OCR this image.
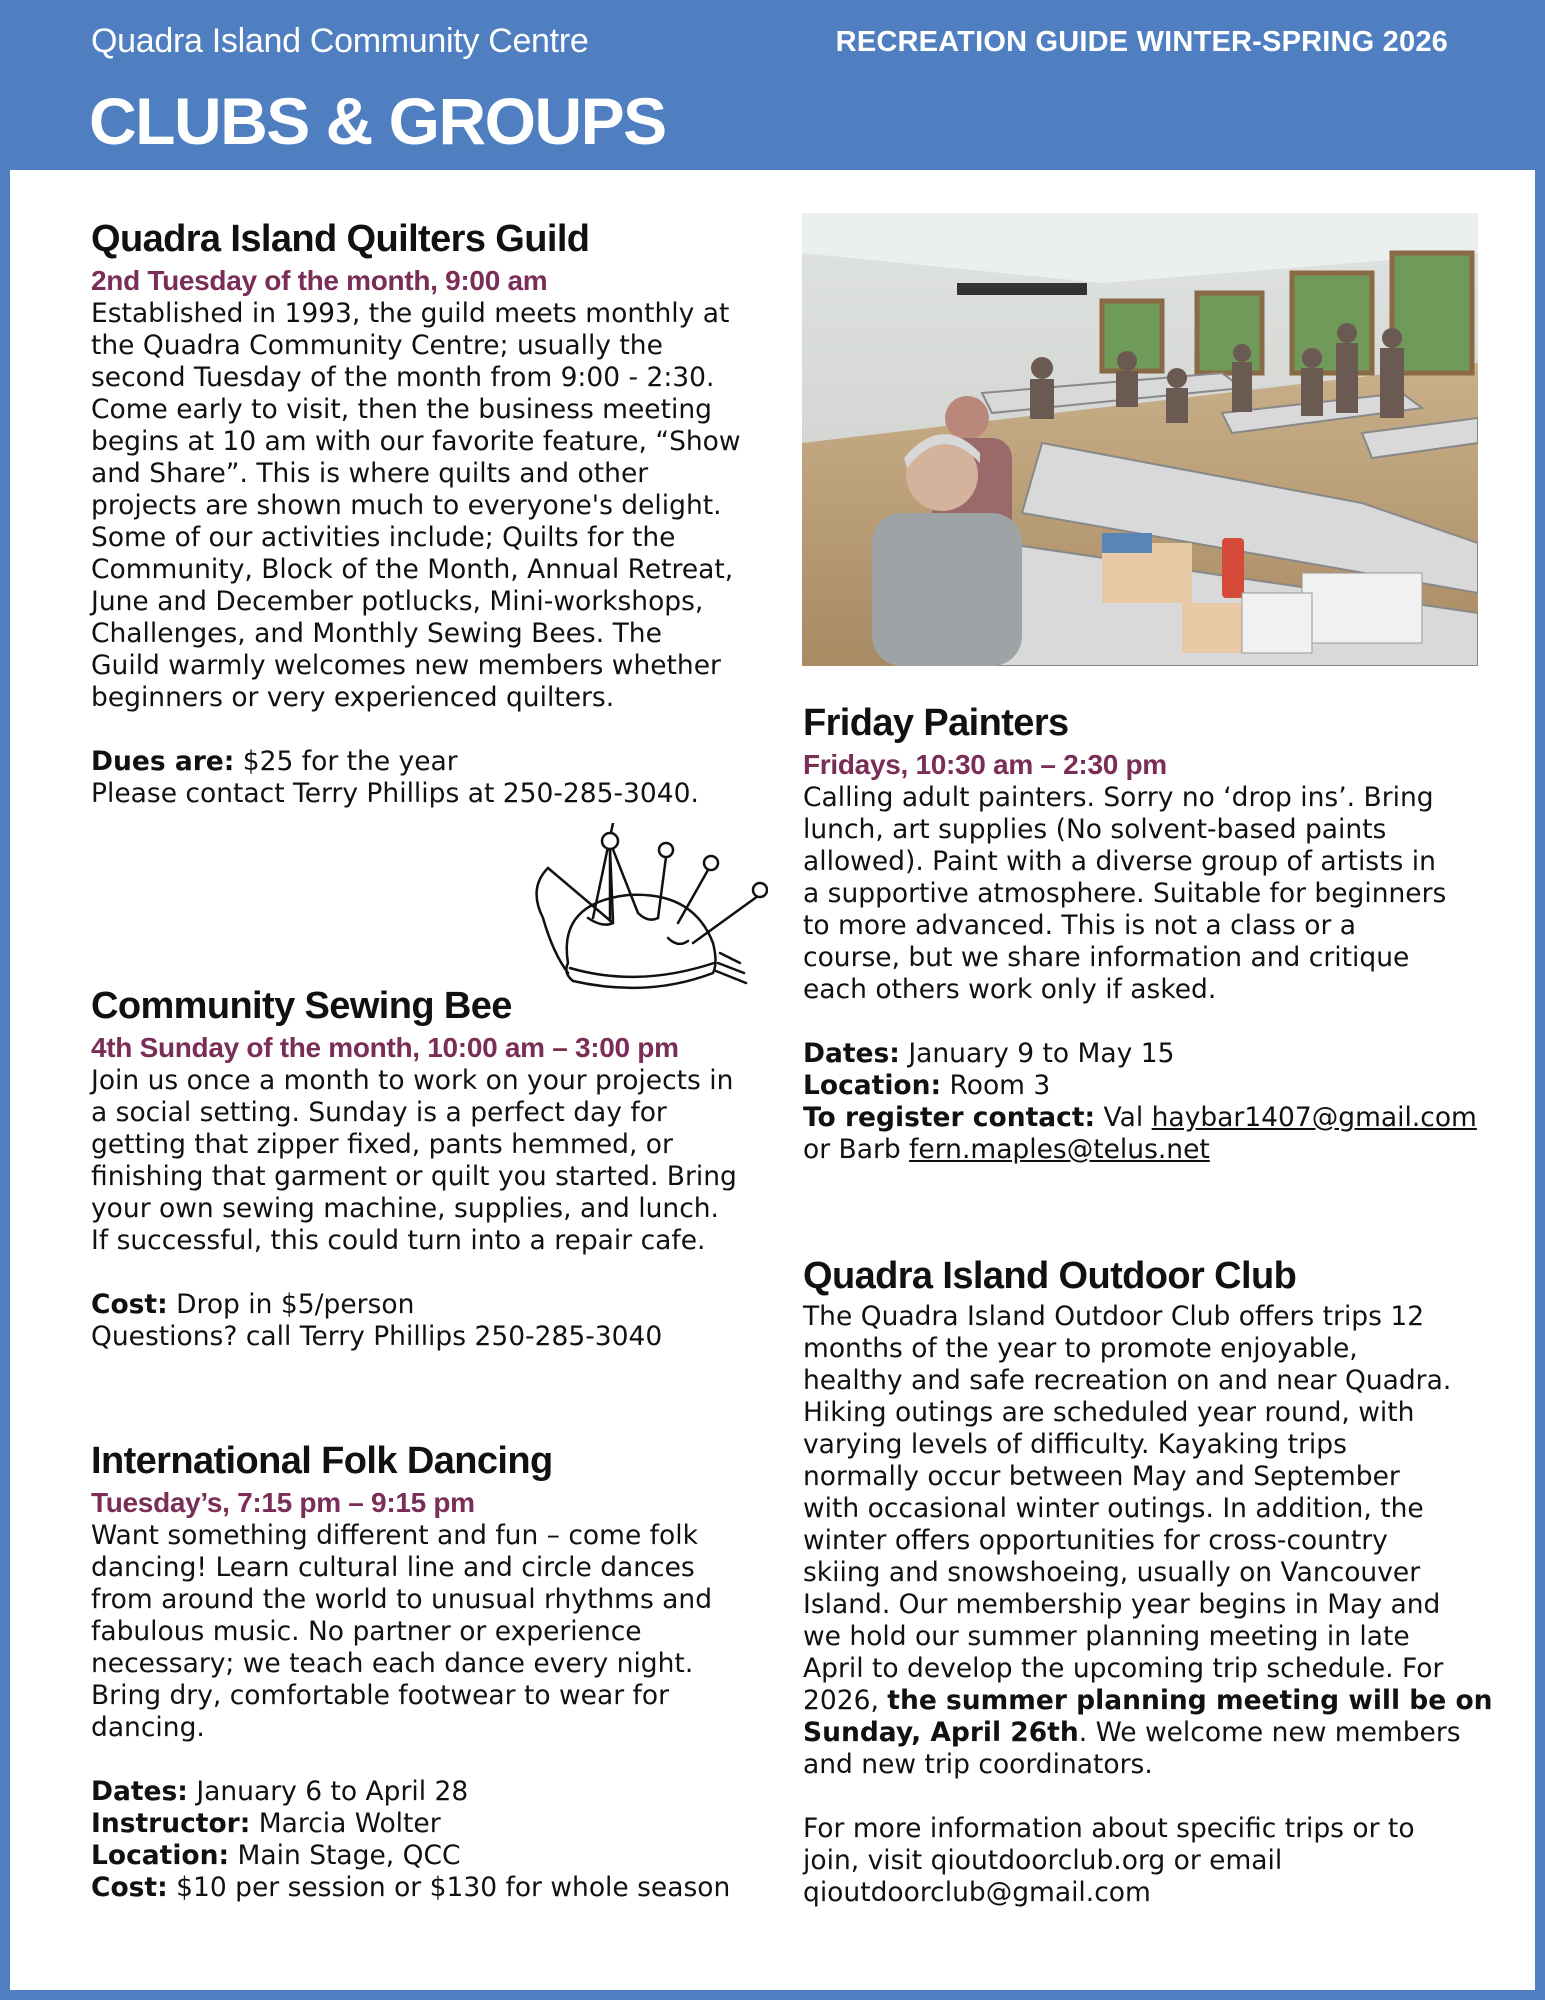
Quadra Island Community Centre	RECREATION GUIDE WINTER-SPRING 2026
CLUBS & GROUPS
Quadra Island Quilters Guild
2nd Tuesday of the month, 9:00 am

Established in 1993, the guild meets monthly at
the Quadra Community Centre; usually the
second Tuesday of the month from 9:00 - 2:30.
Come early to visit, then the business meeting
begins at 10 am with our favorite feature, “Show
and Share”. This is where quilts and other
projects are shown much to everyone's delight.
Some of our activities include; Quilts for the
Community, Block of the Month, Annual Retreat,
June and December potlucks, Mini-workshops,
Challenges, and Monthly Sewing Bees. The
Guild warmly welcomes new members whether
beginners or very experienced quilters.

Dues are: $25 for the year
Please contact Terry Phillips at 250-285-3040.

Community Sewing Bee
4th Sunday of the month, 10:00 am – 3:00 pm

Join us once a month to work on your projects in
a social setting. Sunday is a perfect day for
getting that zipper fixed, pants hemmed, or
finishing that garment or quilt you started. Bring
your own sewing machine, supplies, and lunch.
If successful, this could turn into a repair cafe.

Cost: Drop in $5/person
Questions? call Terry Phillips 250-285-3040

International Folk Dancing
Tuesday’s, 7:15 pm – 9:15 pm

Want something different and fun – come folk
dancing! Learn cultural line and circle dances
from around the world to unusual rhythms and
fabulous music. No partner or experience
necessary; we teach each dance every night.
Bring dry, comfortable footwear to wear for
dancing.

Dates: January 6 to April 28
Instructor: Marcia Wolter
Location: Main Stage, QCC
Cost: $10 per session or $130 for whole season

Friday Painters
Fridays, 10:30 am – 2:30 pm

Calling adult painters. Sorry no ‘drop ins’. Bring
lunch, art supplies (No solvent-based paints
allowed). Paint with a diverse group of artists in
a supportive atmosphere. Suitable for beginners
to more advanced. This is not a class or a
course, but we share information and critique
each others work only if asked.

Dates: January 9 to May 15
Location: Room 3
To register contact: Val haybar1407@gmail.com
or Barb fern.maples@telus.net

Quadra Island Outdoor Club

The Quadra Island Outdoor Club offers trips 12
months of the year to promote enjoyable,
healthy and safe recreation on and near Quadra.
Hiking outings are scheduled year round, with
varying levels of difficulty. Kayaking trips
normally occur between May and September
with occasional winter outings. In addition, the
winter offers opportunities for cross-country
skiing and snowshoeing, usually on Vancouver
Island. Our membership year begins in May and
we hold our summer planning meeting in late
April to develop the upcoming trip schedule. For
2026, the summer planning meeting will be on
Sunday, April 26th. We welcome new members
and new trip coordinators.

For more information about specific trips or to
join, visit qioutdoorclub.org or email
qioutdoorclub@gmail.com
